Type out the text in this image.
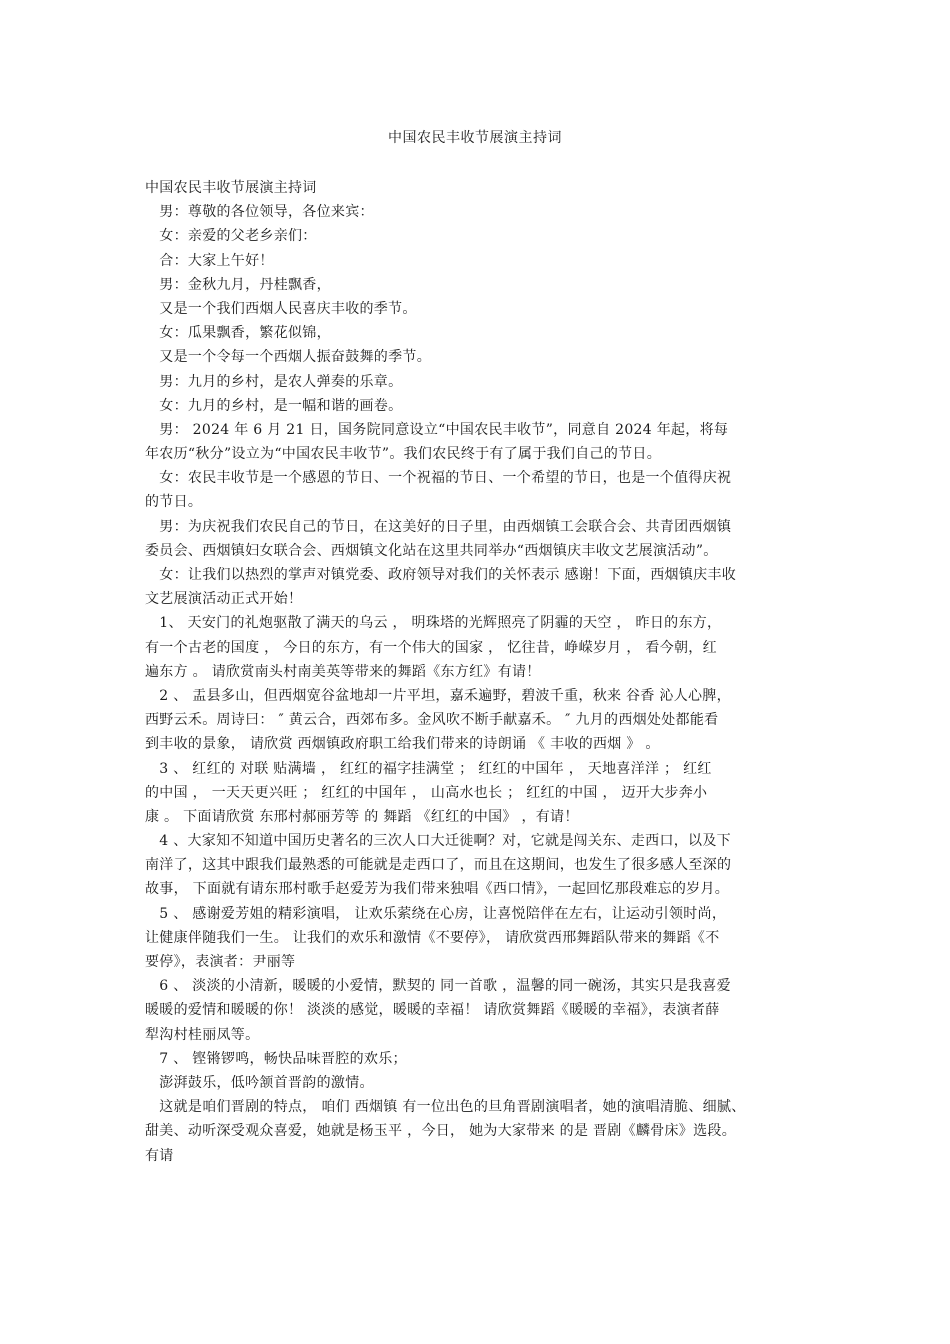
中国农民丰收节展演主持词
中国农民丰收节展演主持词
　男：尊敬的各位领导，各位来宾：
　女：亲爱的父老乡亲们：
　合：大家上午好！
　男：金秋九月，丹桂飘香，
　又是一个我们西烟人民喜庆丰收的季节。
　女：瓜果飘香，繁花似锦，
　又是一个令每一个西烟人振奋鼓舞的季节。
　男：九月的乡村，是农人弹奏的乐章。
　女：九月的乡村，是一幅和谐的画卷。
　男： 2024 年 6 月 21 日，国务院同意设立“中国农民丰收节”，同意自 2024 年起，将每
年农历“秋分”设立为“中国农民丰收节”。我们农民终于有了属于我们自己的节日。
　女：农民丰收节是一个感恩的节日、一个祝福的节日、一个希望的节日，也是一个值得庆祝
的节日。
　男：为庆祝我们农民自己的节日，在这美好的日子里，由西烟镇工会联合会、共青团西烟镇
委员会、西烟镇妇女联合会、西烟镇文化站在这里共同举办“西烟镇庆丰收文艺展演活动”。
　女：让我们以热烈的掌声对镇党委、政府领导对我们的关怀表示 感谢！下面，西烟镇庆丰收
文艺展演活动正式开始！
　1、 天安门的礼炮驱散了满天的乌云 ， 明珠塔的光辉照亮了阴霾的天空 ， 昨日的东方，
有一个古老的国度 ， 今日的东方，有一个伟大的国家 ， 忆往昔，峥嵘岁月 ， 看今朝，红
遍东方 。 请欣赏南头村南美英等带来的舞蹈《东方红》有请！
　2 、 盂县多山，但西烟宽谷盆地却一片平坦，嘉禾遍野，碧波千重，秋来 谷香 沁人心脾，
西野云禾。周诗曰： ″ 黄云合，西郊布多。金风吹不断手献嘉禾。 ″ 九月的西烟处处都能看
到丰收的景象， 请欣赏 西烟镇政府职工给我们带来的诗朗诵 《 丰收的西烟 》 。
　3 、 红红的 对联 贴满墙 ， 红红的福字挂满堂 ； 红红的中国年 ， 天地喜洋洋 ； 红红
的中国 ， 一天天更兴旺 ； 红红的中国年 ， 山高水也长 ； 红红的中国 ， 迈开大步奔小
康 。 下面请欣赏 东邢村郝丽芳等 的 舞蹈 《红红的中国》 ，有请！
　4 、大家知不知道中国历史著名的三次人口大迁徙啊？对，它就是闯关东、走西口，以及下
南洋了，这其中跟我们最熟悉的可能就是走西口了，而且在这期间，也发生了很多感人至深的
故事， 下面就有请东邢村歌手赵爱芳为我们带来独唱《西口情》，一起回忆那段难忘的岁月。
　5 、 感谢爱芳姐的精彩演唱， 让欢乐萦绕在心房，让喜悦陪伴在左右，让运动引领时尚，
让健康伴随我们一生。 让我们的欢乐和激情《不要停》， 请欣赏西邢舞蹈队带来的舞蹈《不
要停》，表演者：尹丽等
　6 、 淡淡的小清新，暖暖的小爱情，默契的 同一首歌 ，温馨的同一碗汤，其实只是我喜爱
暖暖的爱情和暖暖的你！ 淡淡的感觉，暖暖的幸福！ 请欣赏舞蹈《暖暖的幸福》，表演者薛
犁沟村桂丽凤等。
　7 、 铿锵锣鸣，畅快品味晋腔的欢乐；
　澎湃鼓乐，低吟颔首晋韵的激情。
　这就是咱们晋剧的特点， 咱们 西烟镇 有一位出色的旦角晋剧演唱者，她的演唱清脆、细腻、
甜美、动听深受观众喜爱，她就是杨玉平 ，今日， 她为大家带来 的是 晋剧《麟骨床》选段。
有请
